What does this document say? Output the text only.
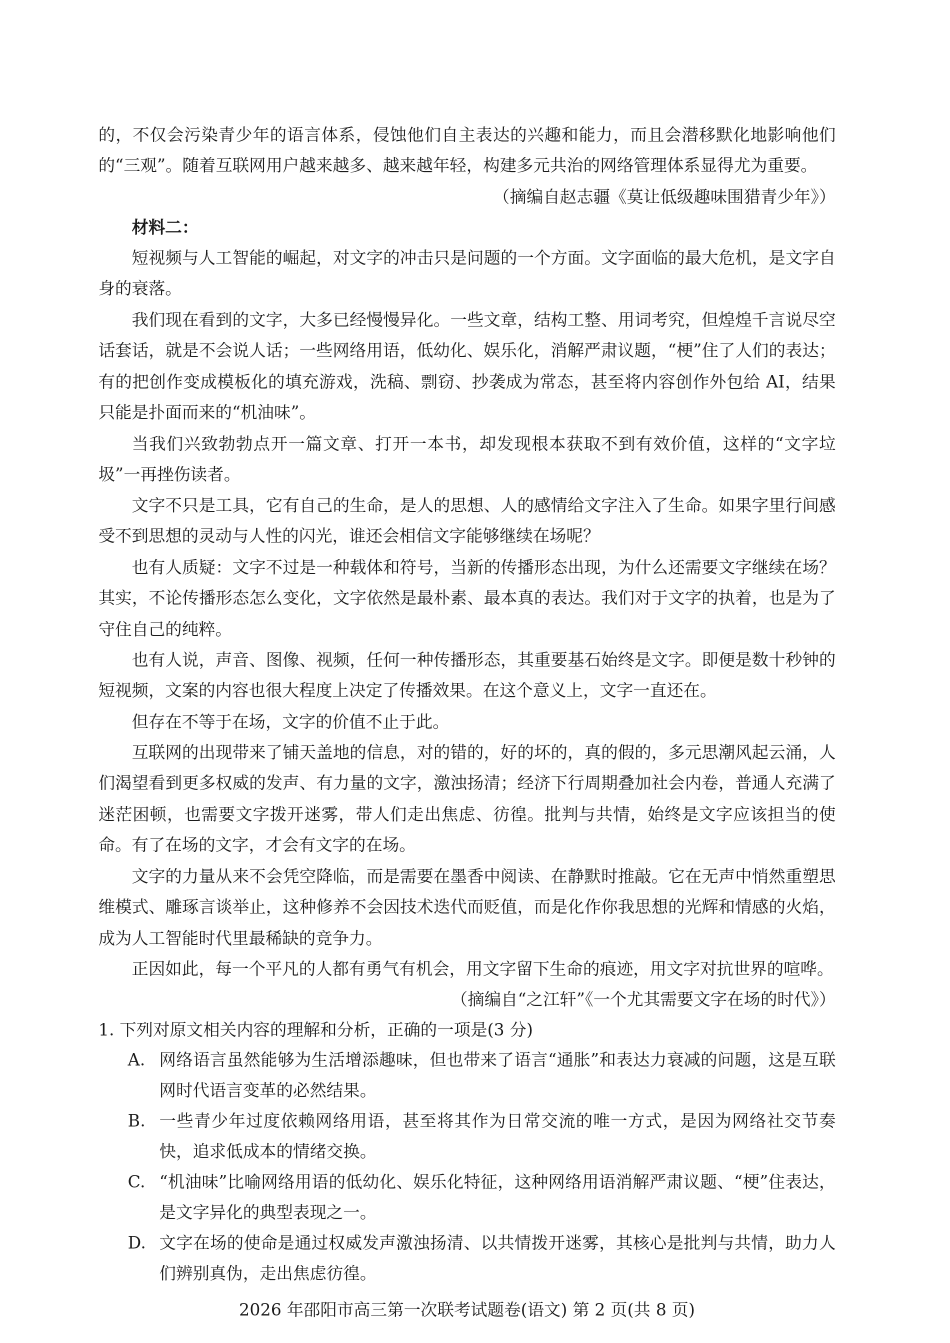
的，不仅会污染青少年的语言体系，侵蚀他们自主表达的兴趣和能力，而且会潜移默化地影响他们的“三观”。随着互联网用户越来越多、越来越年轻，构建多元共治的网络管理体系显得尤为重要。

（摘编自赵志疆《莫让低级趣味围猎青少年》）

材料二：

短视频与人工智能的崛起，对文字的冲击只是问题的一个方面。文字面临的最大危机，是文字自身的衰落。

我们现在看到的文字，大多已经慢慢异化。一些文章，结构工整、用词考究，但煌煌千言说尽空话套话，就是不会说人话；一些网络用语，低幼化、娱乐化，消解严肃议题，“梗”住了人们的表达；有的把创作变成模板化的填充游戏，洗稿、剽窃、抄袭成为常态，甚至将内容创作外包给 AI，结果只能是扑面而来的“机油味”。

当我们兴致勃勃点开一篇文章、打开一本书，却发现根本获取不到有效价值，这样的“文字垃圾”一再挫伤读者。

文字不只是工具，它有自己的生命，是人的思想、人的感情给文字注入了生命。如果字里行间感受不到思想的灵动与人性的闪光，谁还会相信文字能够继续在场呢？

也有人质疑：文字不过是一种载体和符号，当新的传播形态出现，为什么还需要文字继续在场？其实，不论传播形态怎么变化，文字依然是最朴素、最本真的表达。我们对于文字的执着，也是为了守住自己的纯粹。

也有人说，声音、图像、视频，任何一种传播形态，其重要基石始终是文字。即便是数十秒钟的短视频，文案的内容也很大程度上决定了传播效果。在这个意义上，文字一直还在。

但存在不等于在场，文字的价值不止于此。

互联网的出现带来了铺天盖地的信息，对的错的，好的坏的，真的假的，多元思潮风起云涌，人们渴望看到更多权威的发声、有力量的文字，激浊扬清；经济下行周期叠加社会内卷，普通人充满了迷茫困顿，也需要文字拨开迷雾，带人们走出焦虑、彷徨。批判与共情，始终是文字应该担当的使命。有了在场的文字，才会有文字的在场。

文字的力量从来不会凭空降临，而是需要在墨香中阅读、在静默时推敲。它在无声中悄然重塑思维模式、雕琢言谈举止，这种修养不会因技术迭代而贬值，而是化作你我思想的光辉和情感的火焰，成为人工智能时代里最稀缺的竞争力。

正因如此，每一个平凡的人都有勇气有机会，用文字留下生命的痕迹，用文字对抗世界的喧哗。

（摘编自“之江轩”《一个尤其需要文字在场的时代》）

1. 下列对原文相关内容的理解和分析，正确的一项是(3 分)

A. 网络语言虽然能够为生活增添趣味，但也带来了语言“通胀”和表达力衰减的问题，这是互联网时代语言变革的必然结果。
B. 一些青少年过度依赖网络用语，甚至将其作为日常交流的唯一方式，是因为网络社交节奏快，追求低成本的情绪交换。
C. “机油味”比喻网络用语的低幼化、娱乐化特征，这种网络用语消解严肃议题、“梗”住表达，是文字异化的典型表现之一。
D. 文字在场的使命是通过权威发声激浊扬清、以共情拨开迷雾，其核心是批判与共情，助力人们辨别真伪，走出焦虑彷徨。

2026 年邵阳市高三第一次联考试题卷(语文) 第 2 页(共 8 页)
